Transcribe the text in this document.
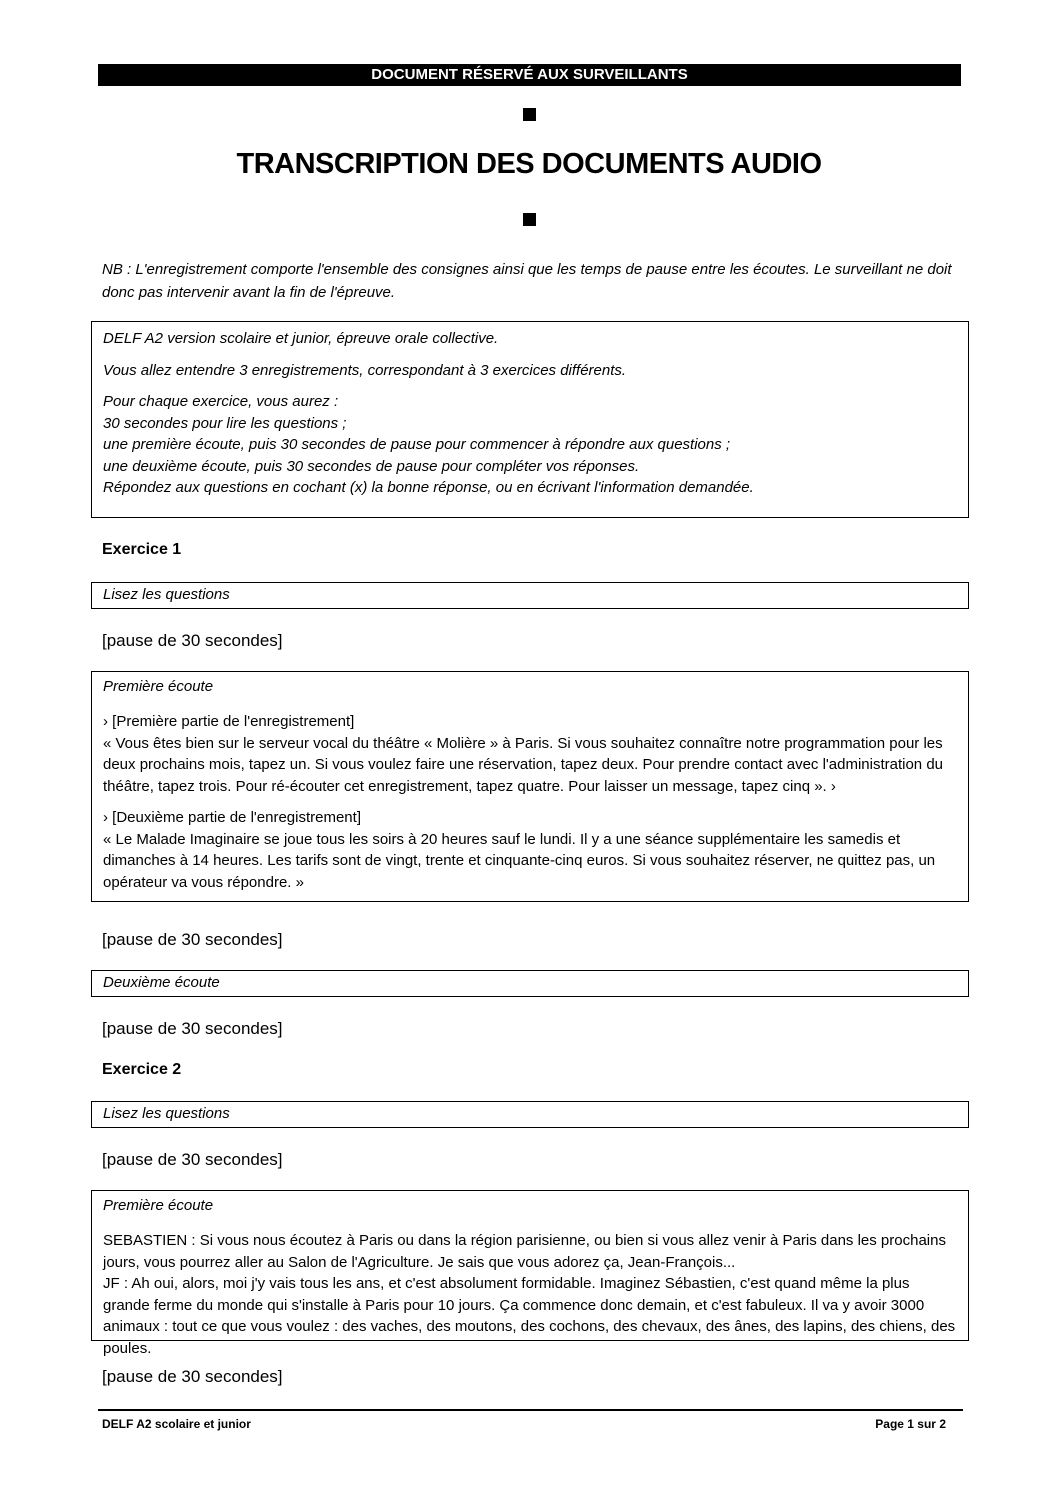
DOCUMENT RÉSERVÉ AUX SURVEILLANTS
TRANSCRIPTION DES DOCUMENTS AUDIO
NB : L'enregistrement comporte l'ensemble des consignes ainsi que les temps de pause entre les écoutes. Le surveillant ne doit donc pas intervenir avant la fin de l'épreuve.

DELF A2 version scolaire et junior, épreuve orale collective.

Vous allez entendre 3 enregistrements, correspondant à 3 exercices différents.

Pour chaque exercice, vous aurez :

30 secondes pour lire les questions ;

une première écoute, puis 30 secondes de pause pour commencer à répondre aux questions ;

une deuxième écoute, puis 30 secondes de pause pour compléter vos réponses.

Répondez aux questions en cochant (x) la bonne réponse, ou en écrivant l'information demandée.

Exercice 1
Lisez les questions
[pause de 30 secondes]

Première écoute

› [Première partie de l'enregistrement]

« Vous êtes bien sur le serveur vocal du théâtre « Molière » à Paris. Si vous souhaitez connaître notre programmation pour les deux prochains mois, tapez un. Si vous voulez faire une réservation, tapez deux. Pour prendre contact avec l'administration du théâtre, tapez trois. Pour ré-écouter cet enregistrement, tapez quatre. Pour laisser un message, tapez cinq ». ›

› [Deuxième partie de l'enregistrement]

« Le Malade Imaginaire se joue tous les soirs à 20 heures sauf le lundi. Il y a une séance supplémentaire les samedis et dimanches à 14 heures. Les tarifs sont de vingt, trente et cinquante-cinq euros. Si vous souhaitez réserver, ne quittez pas, un opérateur va vous répondre. »

[pause de 30 secondes]
Deuxième écoute
[pause de 30 secondes]
Exercice 2
Lisez les questions
[pause de 30 secondes]

Première écoute

SEBASTIEN : Si vous nous écoutez à Paris ou dans la région parisienne, ou bien si vous allez venir à Paris dans les prochains jours, vous pourrez aller au Salon de l'Agriculture. Je sais que vous adorez ça, Jean-François...

JF : Ah oui, alors, moi j'y vais tous les ans, et c'est absolument formidable. Imaginez Sébastien, c'est quand même la plus grande ferme du monde qui s'installe à Paris pour 10 jours. Ça commence donc demain, et c'est fabuleux. Il va y avoir 3000 animaux : tout ce que vous voulez : des vaches, des moutons, des cochons, des chevaux, des ânes, des lapins, des chiens, des poules.

[pause de 30 secondes]
DELF A2 scolaire et junior	Page 1 sur 2
